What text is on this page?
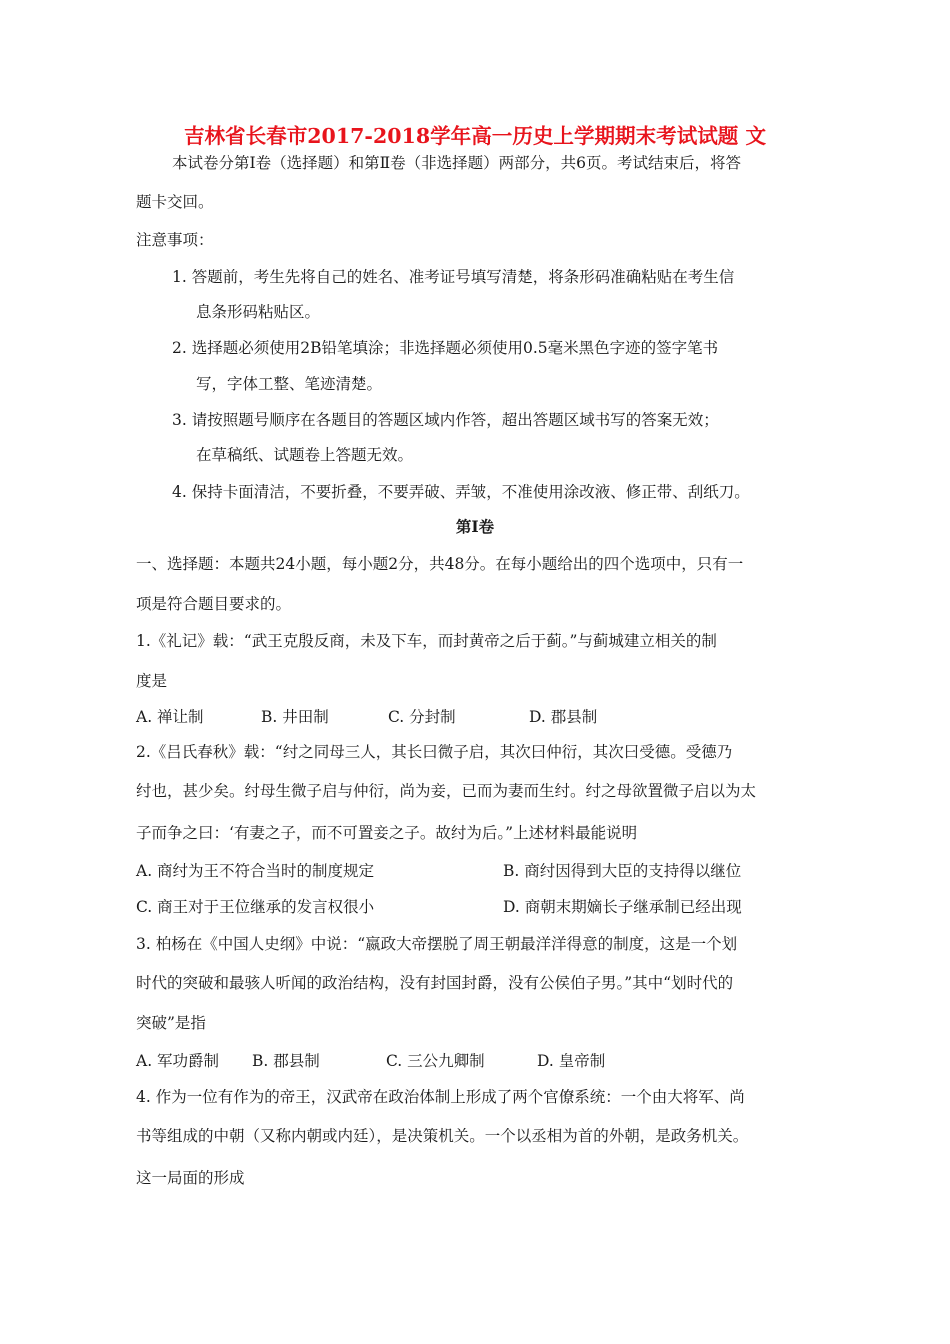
吉林省长春市2017-2018学年高一历史上学期期末考试试题 文
本试卷分第Ⅰ卷（选择题）和第Ⅱ卷（非选择题）两部分，共6页。考试结束后，将答
题卡交回。
注意事项：
1. 答题前，考生先将自己的姓名、准考证号填写清楚，将条形码准确粘贴在考生信
息条形码粘贴区。
2. 选择题必须使用2B铅笔填涂；非选择题必须使用0.5毫米黑色字迹的签字笔书
写，字体工整、笔迹清楚。
3. 请按照题号顺序在各题目的答题区域内作答，超出答题区域书写的答案无效；
在草稿纸、试题卷上答题无效。
4. 保持卡面清洁，不要折叠，不要弄破、弄皱，不准使用涂改液、修正带、刮纸刀。
第Ⅰ卷
一、选择题：本题共24小题，每小题2分，共48分。在每小题给出的四个选项中，只有一
项是符合题目要求的。
1.《礼记》载：“武王克殷反商，未及下车，而封黄帝之后于蓟。”与蓟城建立相关的制
度是
A. 禅让制	B. 井田制	C. 分封制	D. 郡县制
2.《吕氏春秋》载：“纣之同母三人，其长曰微子启，其次曰仲衍，其次曰受德。受德乃
纣也，甚少矣。纣母生微子启与仲衍，尚为妾，已而为妻而生纣。纣之母欲置微子启以为太
子而争之曰：‘有妻之子，而不可置妾之子。故纣为后。”上述材料最能说明
A. 商纣为王不符合当时的制度规定	B. 商纣因得到大臣的支持得以继位
C. 商王对于王位继承的发言权很小	D. 商朝末期嫡长子继承制已经出现
3. 柏杨在《中国人史纲》中说：“嬴政大帝摆脱了周王朝最洋洋得意的制度，这是一个划
时代的突破和最骇人听闻的政治结构，没有封国封爵，没有公侯伯子男。”其中“划时代的
突破”是指
A. 军功爵制 B. 郡县制	C. 三公九卿制	D. 皇帝制
4. 作为一位有作为的帝王，汉武帝在政治体制上形成了两个官僚系统：一个由大将军、尚
书等组成的中朝（又称内朝或内廷），是决策机关。一个以丞相为首的外朝，是政务机关。
这一局面的形成
